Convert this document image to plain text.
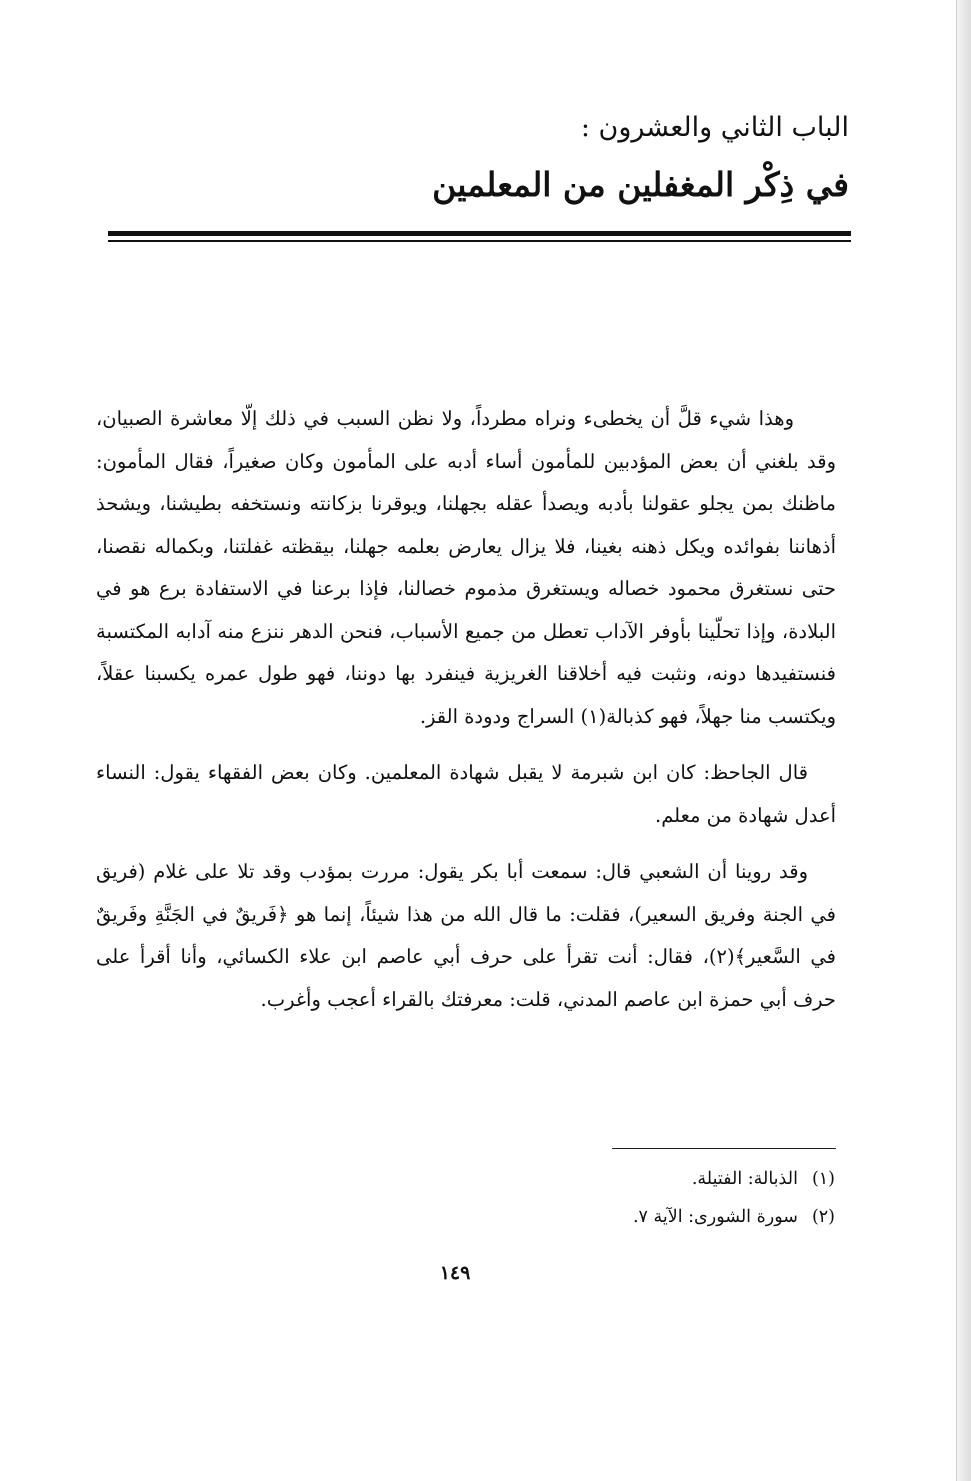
الباب الثاني والعشرون :
في ذِكْر المغفلين من المعلمين

وهذا شيء قلَّ أن يخطىء ونراه مطرداً، ولا نظن السبب في ذلك إلّا معاشرة الصبيان، وقد بلغني أن بعض المؤدبين للمأمون أساء أدبه على المأمون وكان صغيراً، فقال المأمون: ماظنك بمن يجلو عقولنا بأدبه ويصدأ عقله بجهلنا، ويوقرنا بزكانته ونستخفه بطيشنا، ويشحذ أذهاننا بفوائده ويكل ذهنه بغينا، فلا يزال يعارض بعلمه جهلنا، بيقظته غفلتنا، وبكماله نقصنا، حتى نستغرق محمود خصاله ويستغرق مذموم خصالنا، فإذا برعنا في الاستفادة برع هو في البلادة، وإذا تحلّينا بأوفر الآداب تعطل من جميع الأسباب، فنحن الدهر ننزع منه آدابه المكتسبة فنستفيدها دونه، ونثبت فيه أخلاقنا الغريزية فينفرد بها دوننا، فهو طول عمره يكسبنا عقلاً، ويكتسب منا جهلاً، فهو كذبالة(١) السراج ودودة القز.

قال الجاحظ: كان ابن شبرمة لا يقبل شهادة المعلمين. وكان بعض الفقهاء يقول: النساء أعدل شهادة من معلم.

وقد روينا أن الشعبي قال: سمعت أبا بكر يقول: مررت بمؤدب وقد تلا على غلام (فريق في الجنة وفريق السعير)، فقلت: ما قال الله من هذا شيئاً، إنما هو ﴿فَريقٌ في الجَنَّةِ وفَريقٌ في السَّعير﴾(٢)، فقال: أنت تقرأ على حرف أبي عاصم ابن علاء الكسائي، وأنا أقرأ على حرف أبي حمزة ابن عاصم المدني، قلت: معرفتك بالقراء أعجب وأغرب.

(١)الذبالة: الفتيلة.
(٢)سورة الشورى: الآية ٧.
١٤٩
